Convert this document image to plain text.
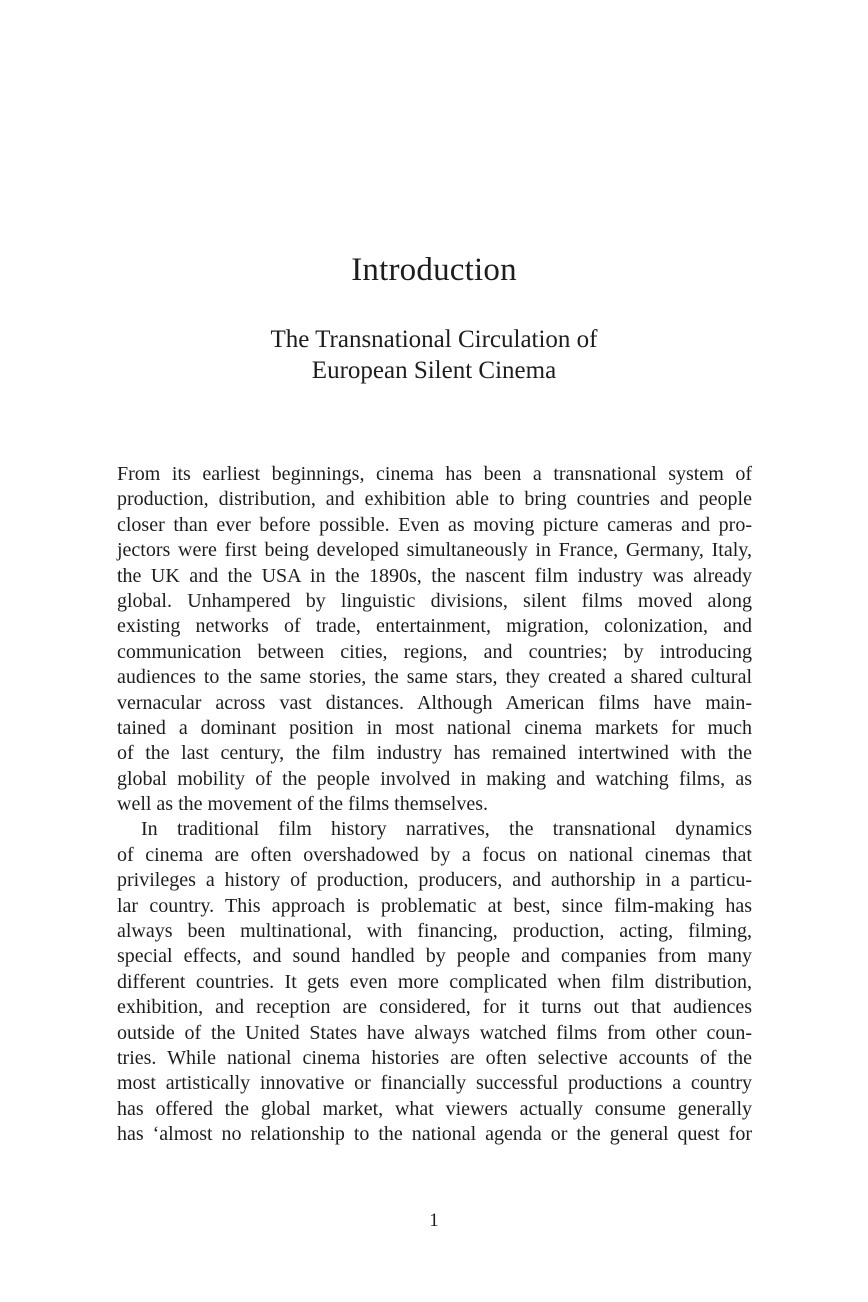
Introduction
The Transnational Circulation of
European Silent Cinema
From its earliest beginnings, cinema has been a transnational system of
production, distribution, and exhibition able to bring countries and people
closer than ever before possible. Even as moving picture cameras and pro-
jectors were first being developed simultaneously in France, Germany, Italy,
the UK and the USA in the 1890s, the nascent film industry was already
global. Unhampered by linguistic divisions, silent films moved along
existing networks of trade, entertainment, migration, colonization, and
communication between cities, regions, and countries; by introducing
audiences to the same stories, the same stars, they created a shared cultural
vernacular across vast distances. Although American films have main-
tained a dominant position in most national cinema markets for much
of the last century, the film industry has remained intertwined with the
global mobility of the people involved in making and watching films, as
well as the movement of the films themselves.
In traditional film history narratives, the transnational dynamics
of cinema are often overshadowed by a focus on national cinemas that
privileges a history of production, producers, and authorship in a particu-
lar country. This approach is problematic at best, since film-making has
always been multinational, with financing, production, acting, filming,
special effects, and sound handled by people and companies from many
different countries. It gets even more complicated when film distribution,
exhibition, and reception are considered, for it turns out that audiences
outside of the United States have always watched films from other coun-
tries. While national cinema histories are often selective accounts of the
most artistically innovative or financially successful productions a country
has offered the global market, what viewers actually consume generally
has ‘almost no relationship to the national agenda or the general quest for
1
